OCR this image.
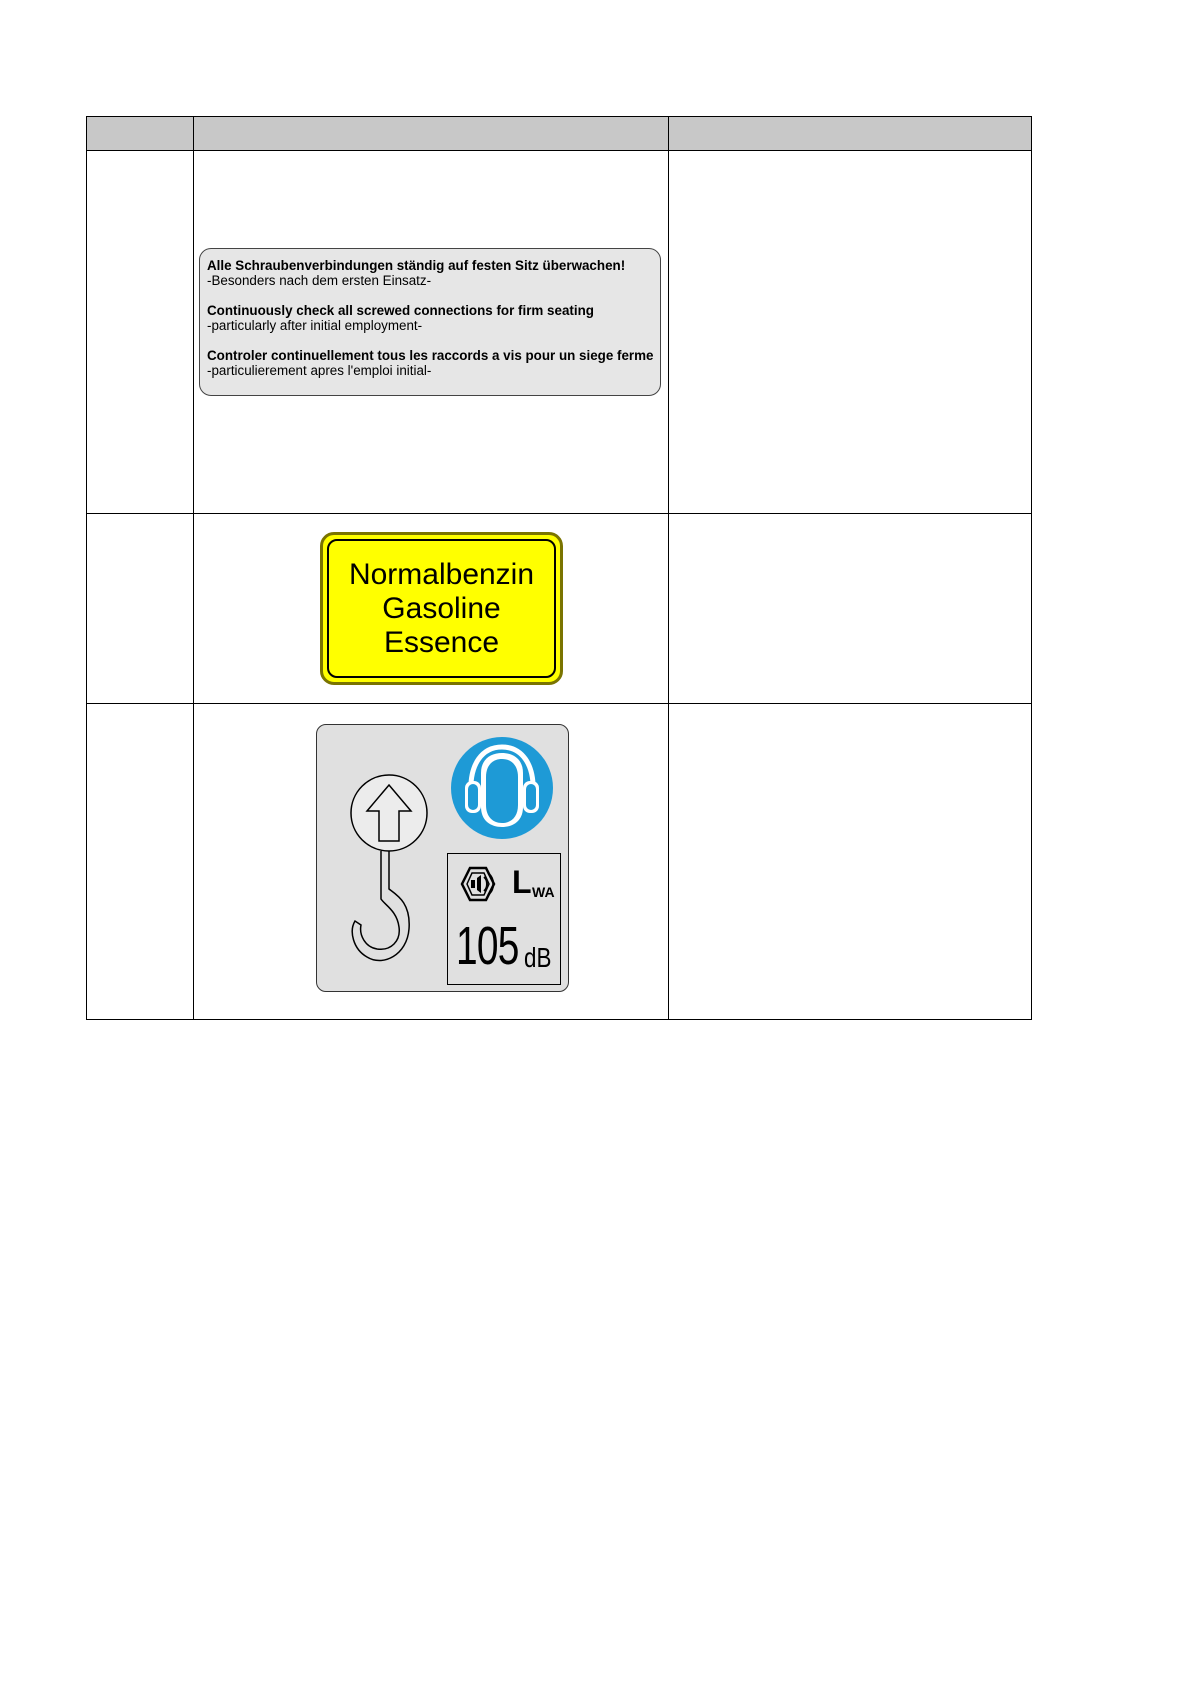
Alle Schraubenverbindungen ständig auf festen Sitz überwachen!
-Besonders nach dem ersten Einsatz-
Continuously check all screwed connections for firm seating
-particularly after initial employment-
Controler continuellement tous les raccords a vis pour un siege ferme
-particulierement apres l'emploi initial-
Normalbenzin
Gasoline
Essence
L WA
105 dB
